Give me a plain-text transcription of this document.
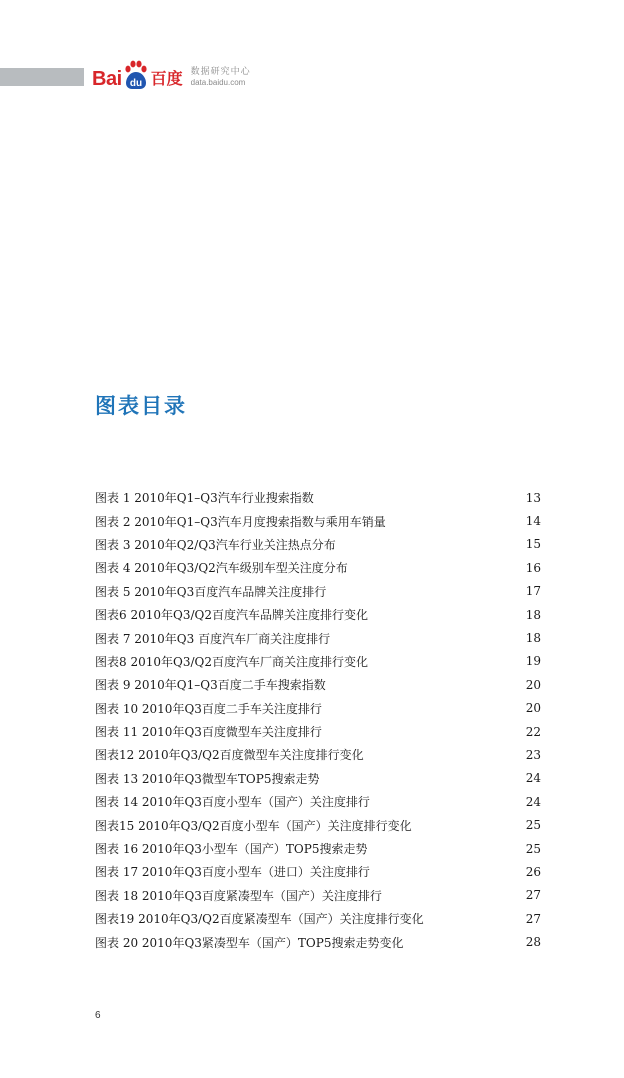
Bai du 百度 数据研究中心
data.baidu.com
图表目录
图表 1 2010年Q1–Q3汽车行业搜索指数	13
图表 2 2010年Q1–Q3汽车月度搜索指数与乘用车销量	14
图表 3 2010年Q2/Q3汽车行业关注热点分布	15
图表 4 2010年Q3/Q2汽车级别车型关注度分布	16
图表 5 2010年Q3百度汽车品牌关注度排行	17
图表6 2010年Q3/Q2百度汽车品牌关注度排行变化	18
图表 7 2010年Q3 百度汽车厂商关注度排行	18
图表8 2010年Q3/Q2百度汽车厂商关注度排行变化	19
图表 9 2010年Q1–Q3百度二手车搜索指数	20
图表 10 2010年Q3百度二手车关注度排行	20
图表 11 2010年Q3百度微型车关注度排行	22
图表12 2010年Q3/Q2百度微型车关注度排行变化	23
图表 13 2010年Q3微型车TOP5搜索走势	24
图表 14 2010年Q3百度小型车（国产）关注度排行	24
图表15 2010年Q3/Q2百度小型车（国产）关注度排行变化	25
图表 16 2010年Q3小型车（国产）TOP5搜索走势	25
图表 17 2010年Q3百度小型车（进口）关注度排行	26
图表 18 2010年Q3百度紧凑型车（国产）关注度排行	27
图表19 2010年Q3/Q2百度紧凑型车（国产）关注度排行变化	27
图表 20 2010年Q3紧凑型车（国产）TOP5搜索走势变化	28
6
